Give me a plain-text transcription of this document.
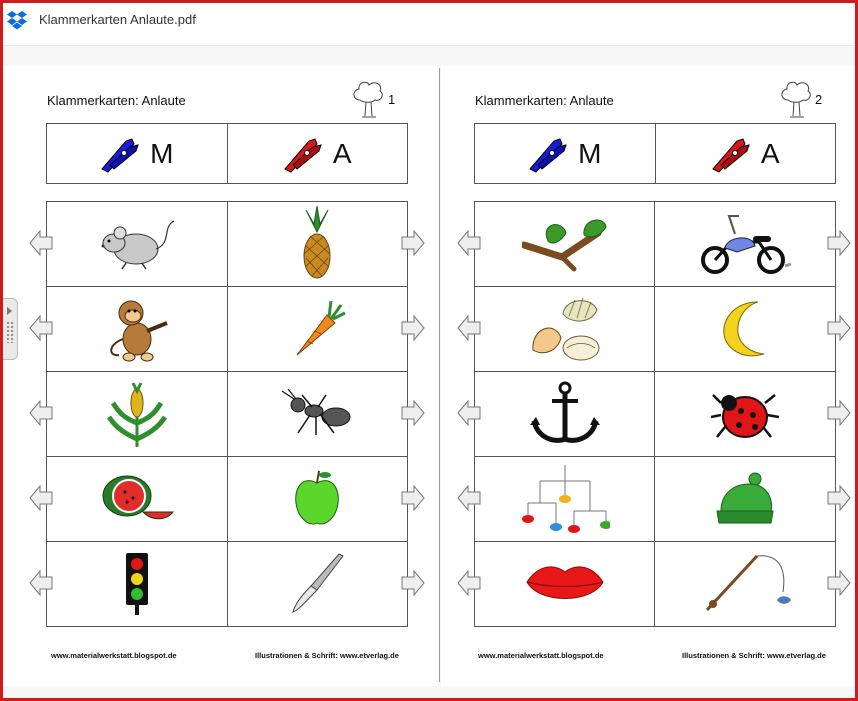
Klammerkarten Anlaute.pdf
Klammerkarten: Anlaute	1
M	A

www.materialwerkstatt.blogspot.de	Illustrationen & Schrift: www.etverlag.de
Klammerkarten: Anlaute	2
M	A

www.materialwerkstatt.blogspot.de	Illustrationen & Schrift: www.etverlag.de
